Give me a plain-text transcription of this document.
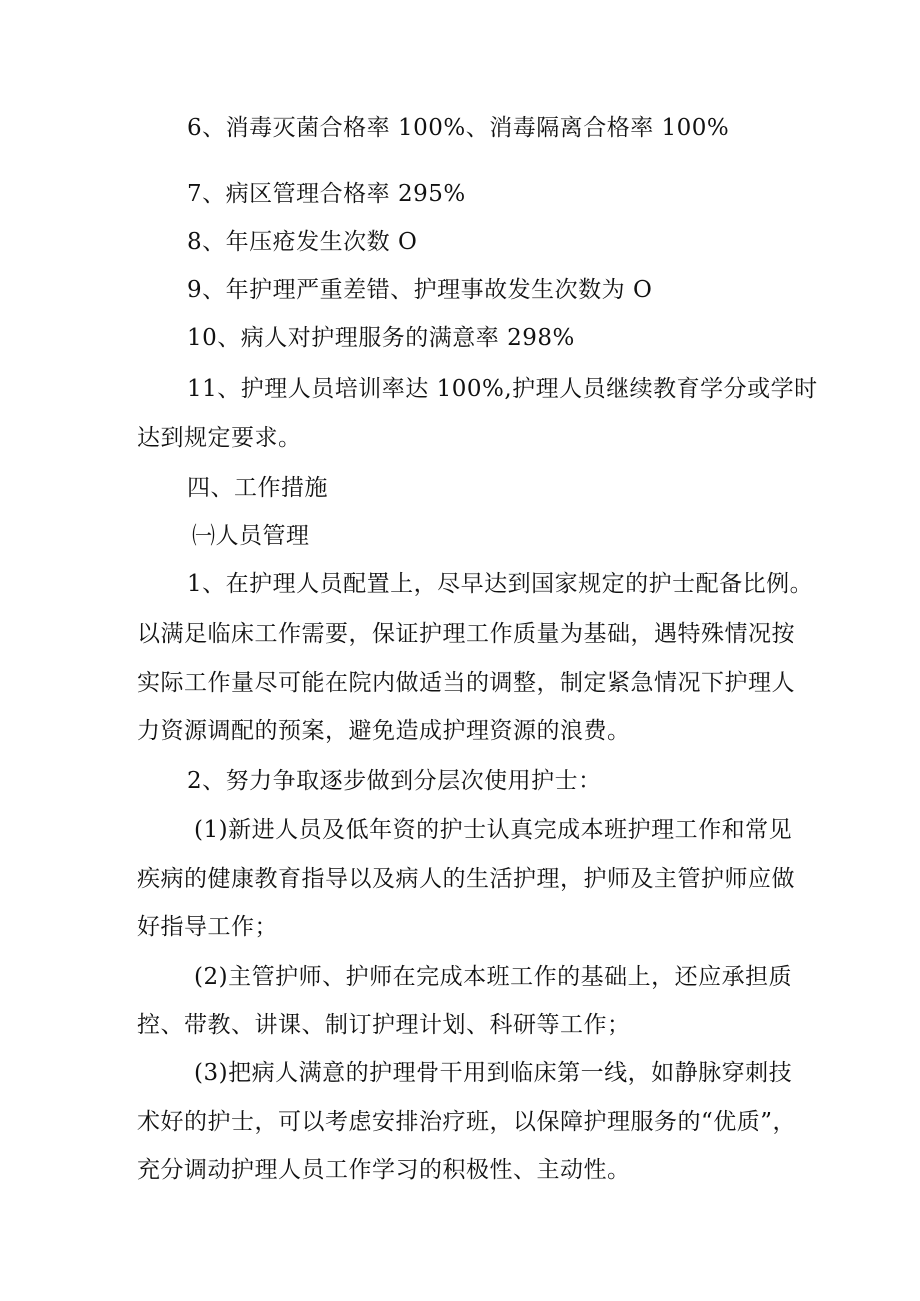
6、消毒灭菌合格率 100%、消毒隔离合格率 100%

7、病区管理合格率 295%

8、年压疮发生次数 O

9、年护理严重差错、护理事故发生次数为 O

10、病人对护理服务的满意率 298%

11、护理人员培训率达 100%,护理人员继续教育学分或学时

达到规定要求。

四、工作措施

㈠人员管理

1、在护理人员配置上，尽早达到国家规定的护士配备比例。

以满足临床工作需要，保证护理工作质量为基础，遇特殊情况按

实际工作量尽可能在院内做适当的调整，制定紧急情况下护理人

力资源调配的预案，避免造成护理资源的浪费。

2、努力争取逐步做到分层次使用护士：

(1)新进人员及低年资的护士认真完成本班护理工作和常见

疾病的健康教育指导以及病人的生活护理，护师及主管护师应做

好指导工作；

(2)主管护师、护师在完成本班工作的基础上，还应承担质

控、带教、讲课、制订护理计划、科研等工作；

(3)把病人满意的护理骨干用到临床第一线，如静脉穿刺技

术好的护士，可以考虑安排治疗班，以保障护理服务的“优质”，

充分调动护理人员工作学习的积极性、主动性。
